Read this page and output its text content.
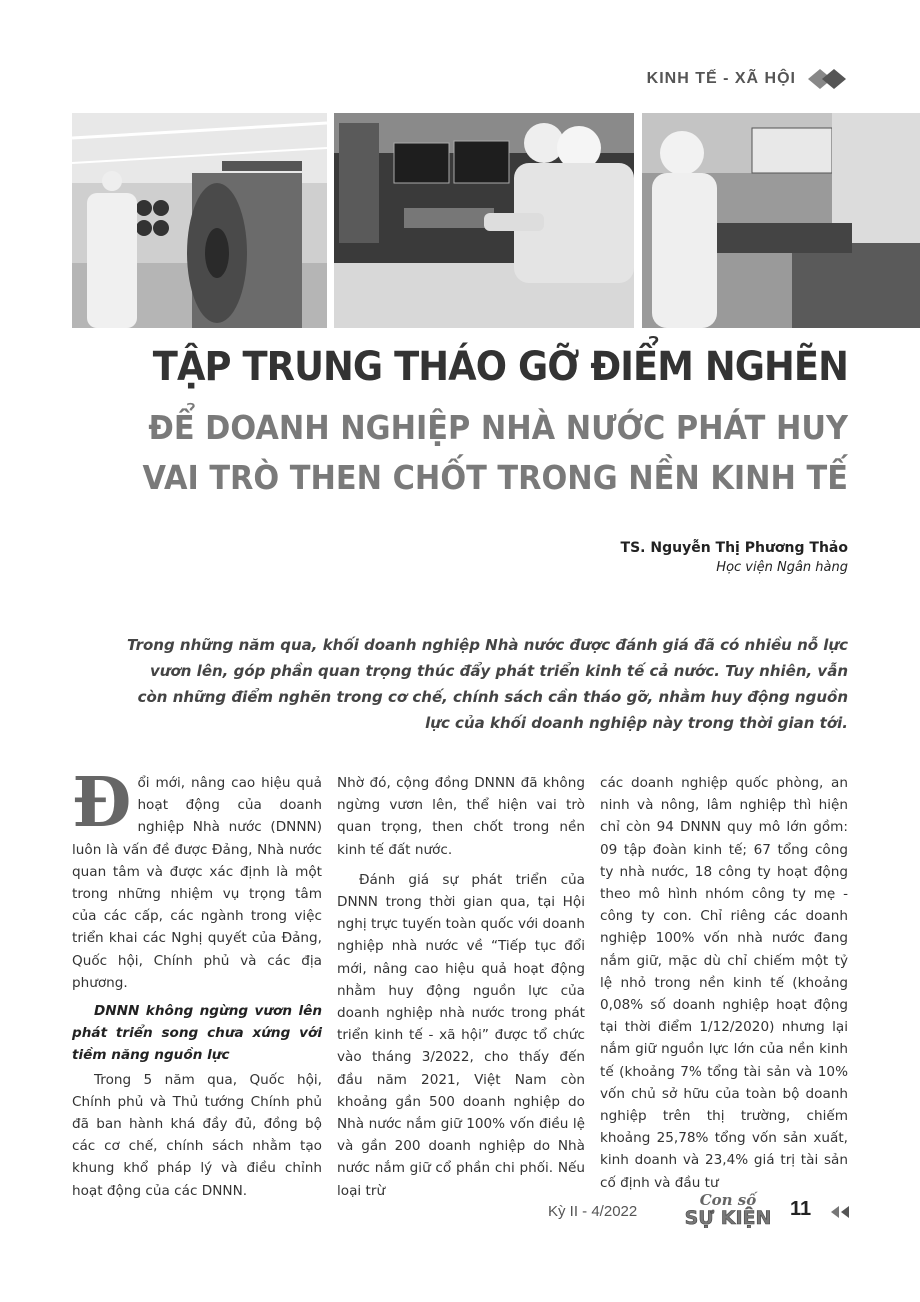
KINH TẾ - XÃ HỘI
TẬP TRUNG THÁO GỠ ĐIỂM NGHẼN
ĐỂ DOANH NGHIỆP NHÀ NƯỚC PHÁT HUY
VAI TRÒ THEN CHỐT TRONG NỀN KINH TẾ
TS. Nguyễn Thị Phương Thảo
Học viện Ngân hàng
Trong những năm qua, khối doanh nghiệp Nhà nước được đánh giá đã có nhiều nỗ lực vươn lên, góp phần quan trọng thúc đẩy phát triển kinh tế cả nước. Tuy nhiên, vẫn còn những điểm nghẽn trong cơ chế, chính sách cần tháo gỡ, nhằm huy động nguồn lực của khối doanh nghiệp này trong thời gian tới.

Đổi mới, nâng cao hiệu quả hoạt động của doanh nghiệp Nhà nước (DNNN) luôn là vấn đề được Đảng, Nhà nước quan tâm và được xác định là một trong những nhiệm vụ trọng tâm của các cấp, các ngành trong việc triển khai các Nghị quyết của Đảng, Quốc hội, Chính phủ và các địa phương.

DNNN không ngừng vươn lên phát triển song chưa xứng với tiềm năng nguồn lực

Trong 5 năm qua, Quốc hội, Chính phủ và Thủ tướng Chính phủ đã ban hành khá đầy đủ, đồng bộ các cơ chế, chính sách nhằm tạo khung khổ pháp lý và điều chỉnh hoạt động của các DNNN.

Nhờ đó, cộng đồng DNNN đã không ngừng vươn lên, thể hiện vai trò quan trọng, then chốt trong nền kinh tế đất nước.

Đánh giá sự phát triển của DNNN trong thời gian qua, tại Hội nghị trực tuyến toàn quốc với doanh nghiệp nhà nước về “Tiếp tục đổi mới, nâng cao hiệu quả hoạt động nhằm huy động nguồn lực của doanh nghiệp nhà nước trong phát triển kinh tế - xã hội” được tổ chức vào tháng 3/2022, cho thấy đến đầu năm 2021, Việt Nam còn khoảng gần 500 doanh nghiệp do Nhà nước nắm giữ 100% vốn điều lệ và gần 200 doanh nghiệp do Nhà nước nắm giữ cổ phần chi phối. Nếu loại trừ

các doanh nghiệp quốc phòng, an ninh và nông, lâm nghiệp thì hiện chỉ còn 94 DNNN quy mô lớn gồm: 09 tập đoàn kinh tế; 67 tổng công ty nhà nước, 18 công ty hoạt động theo mô hình nhóm công ty mẹ - công ty con. Chỉ riêng các doanh nghiệp 100% vốn nhà nước đang nắm giữ, mặc dù chỉ chiếm một tỷ lệ nhỏ trong nền kinh tế (khoảng 0,08% số doanh nghiệp hoạt động tại thời điểm 1/12/2020) nhưng lại nắm giữ nguồn lực lớn của nền kinh tế (khoảng 7% tổng tài sản và 10% vốn chủ sở hữu của toàn bộ doanh nghiệp trên thị trường, chiếm khoảng 25,78% tổng vốn sản xuất, kinh doanh và 23,4% giá trị tài sản cố định và đầu tư

Kỳ II - 4/2022
Con số
SỰ KIỆN 11
